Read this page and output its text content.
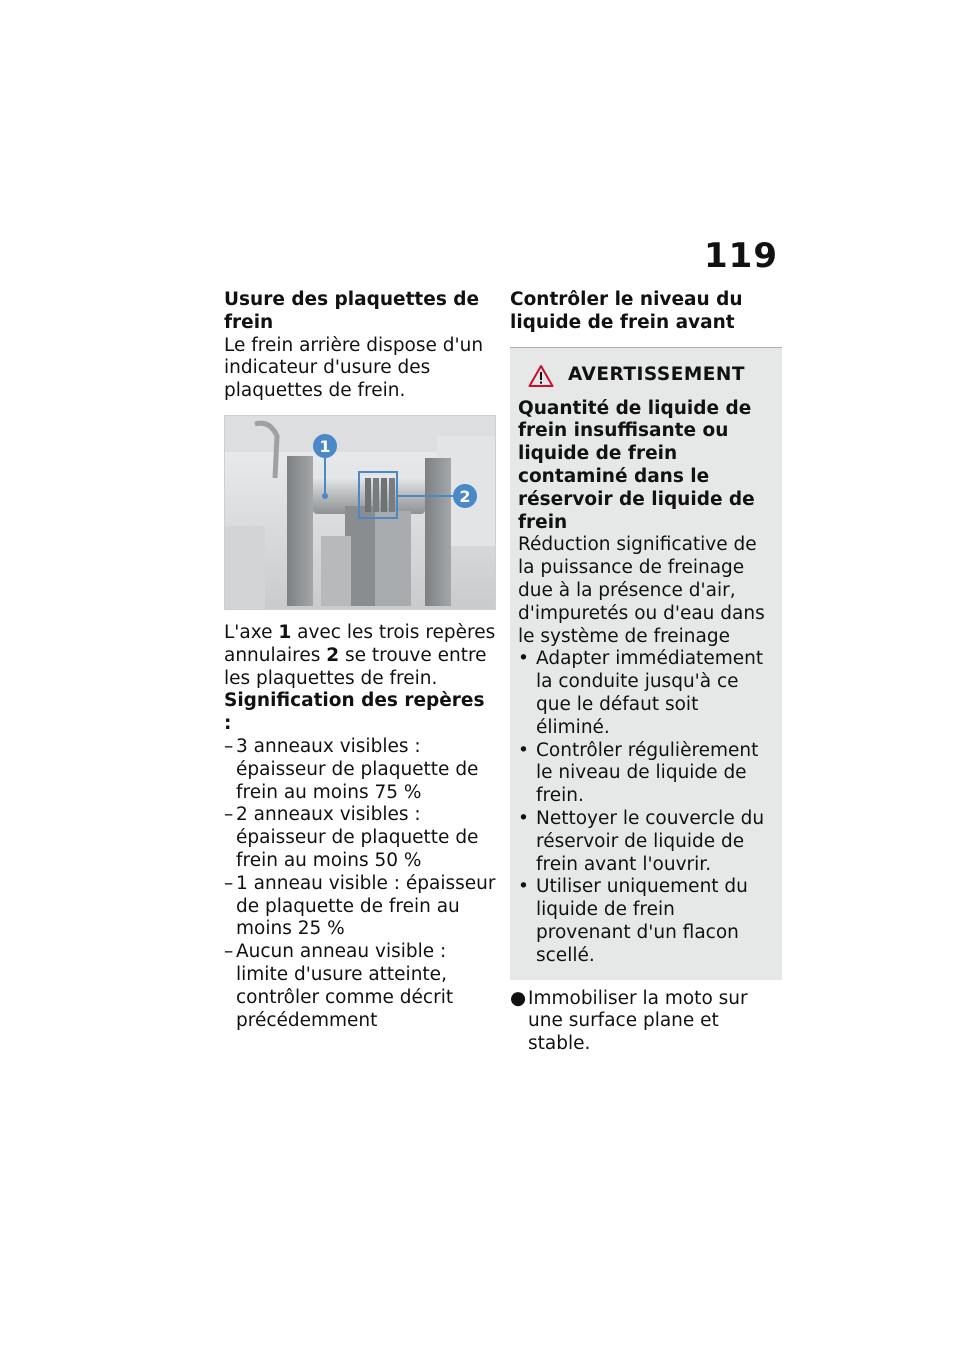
119

Usure des plaquettes de frein

Le frein arrière dispose d'un indicateur d'usure des plaquettes de frein.

1
2

L'axe 1 avec les trois repères annulaires 2 se trouve entre les plaquettes de frein.

Signification des repères :

– 3 anneaux visibles : épaisseur de plaquette de frein au moins 75 %
– 2 anneaux visibles : épaisseur de plaquette de frein au moins 50 %
– 1 anneau visible : épaisseur de plaquette de frein au moins 25 %
– Aucun anneau visible : limite d'usure atteinte, contrôler comme décrit précédemment

Contrôler le niveau du liquide de frein avant

AVERTISSEMENT

Quantité de liquide de frein insuffisante ou liquide de frein contaminé dans le réservoir de liquide de frein

Réduction significative de la puissance de freinage due à la présence d'air, d'impuretés ou d'eau dans le système de freinage

• Adapter immédiatement la conduite jusqu'à ce que le défaut soit éliminé.
• Contrôler régulièrement le niveau de liquide de frein.
• Nettoyer le couvercle du réservoir de liquide de frein avant l'ouvrir.
• Utiliser uniquement du liquide de frein provenant d'un flacon scellé.
● Immobiliser la moto sur une surface plane et stable.
